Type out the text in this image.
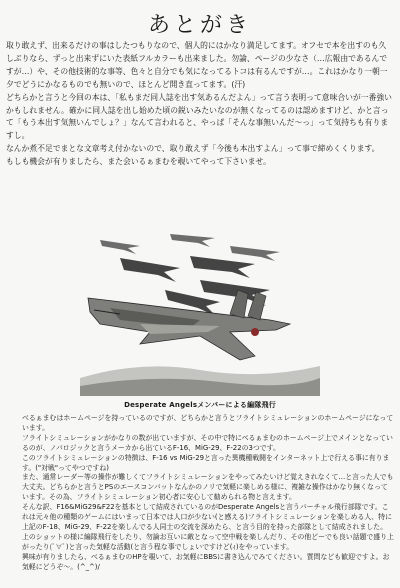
あとがき

取り敢えず、出来るだけの事はしたつもりなので、個人的にはかなり満足してます。オフセで本を出すのも久しぶりなら、ずっと出来ずにいた表紙フルカラーも出来ました。勿論、ページの少なさ（…広報由であるんですが…）や、その他技術的な事等、色々と自分でも気になってるトコは有るんですが…。これはかなり一朝一夕でどうにかなるものでも無いので、ほとんど開き直ってます。(汗)

どちらかと言うと今回の本は、「私もまだ同人誌を出す気あるんだよん」って言う表明って意味合いが一番強いかもしれません。確かに同人誌を出し始めた頃の鋭いみたいなのが無くなってるのは認めますけど、かと言って「もう本出す気無いんでしょ？」なんて言われると、やっぱ「そんな事無いんだ〜っ」って気持ちも有りますし。

なんか煮不足でまとな文章考え付かないので、取り敢えず「今後も本出すよん」って事で締めくくります。

もしも機会が有りましたら、また会いるぁまむを覗いてやって下さいませ。

Desperate Angelsメンバーによる編隊飛行

べるぁまむはホームページを持っているのですが、どちらかと言うとフライトシミュレーションのホームページになっています。

フライトシミュレーションがかなりの数が出ていますが、その中で特にべるぁまむのホームページ上でメインとなっているのが、ノバロジックと言うメーカから出ているF-16、MiG-29、F-22の3つです。

このフライトシミュレーションの特徴は、F-16 vs MiG-29と言った異機種戦闘をインターネット上で行える事に有ります。("対戦"ってやつですね)

また、通常レーダー等の操作が難しくてフライトシミュレーションをやってみたいけど覚えきれなくて…と言った人でも大丈夫。どちらかと言うとPSのエースコンバットなんかのノリで気軽に楽しめる様に、複雑な操作はかなり無くなっています。その為、フライトシミュレーション初心者に安心して勧められる物と言えます。

そんな訳、F16&MiG29&F22を基本として結成されているのがDesperate Angelsと言うバーチャル飛行部隊です。これは元々他の種類のゲームにはいまって日本では人口が少ない(と感える)フライトシミュレーションを楽しめる人、特に上記のF-18、MiG-29、F-22を楽しんでる人同士の交流を深めたら、と言う目的を持った部隊として結成されました。

上のショットの様に編隊飛行をしたり、勿論お互いに敵となって空中戦を楽しんだり、その他どーでも良い話題で盛り上がったり(ﾟ∀ﾟ)と言った気軽な活動(と言う程な事でしょいですけど(ｨ)をやっています。

興味が有りましたら、べるぁまむのHPを覗いて、お気軽にBBSに書き込んでみてください。質問なども歓迎ですよ。お気軽にどうぞ〜。(^_^)/
